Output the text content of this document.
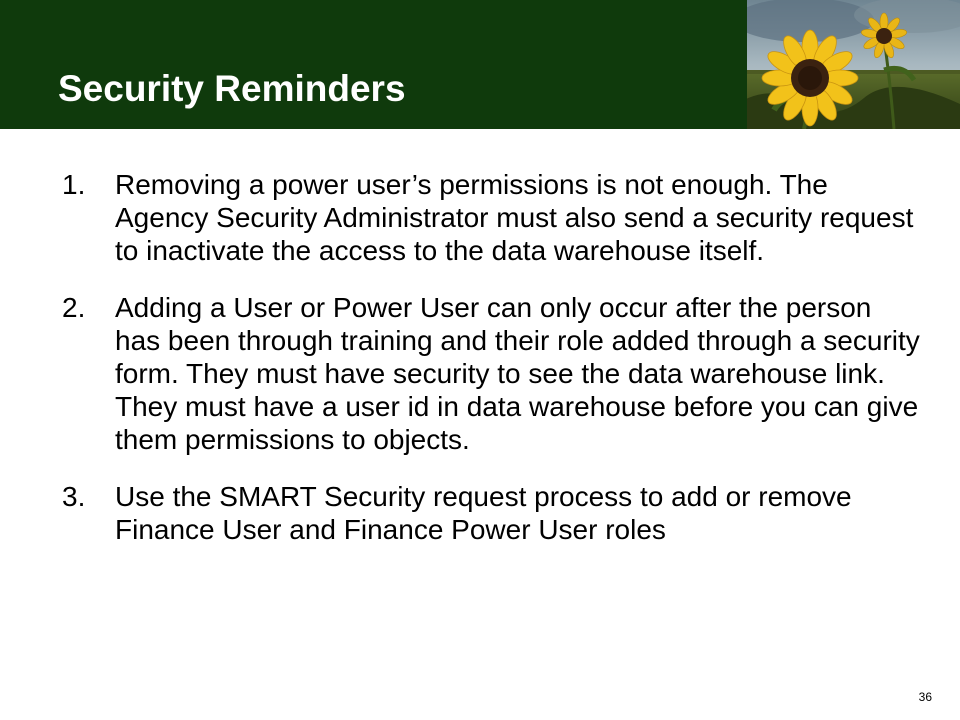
Security Reminders
1. Removing a power user’s permissions is not enough. The Agency Security Administrator must also send a security request to inactivate the access to the data warehouse itself.
2. Adding a User or Power User can only occur after the person has been through training and their role added through a security form. They must have security to see the data warehouse link. They must have a user id in data warehouse before you can give them permissions to objects.
3. Use the SMART Security request process to add or remove Finance User and Finance Power User roles
36
